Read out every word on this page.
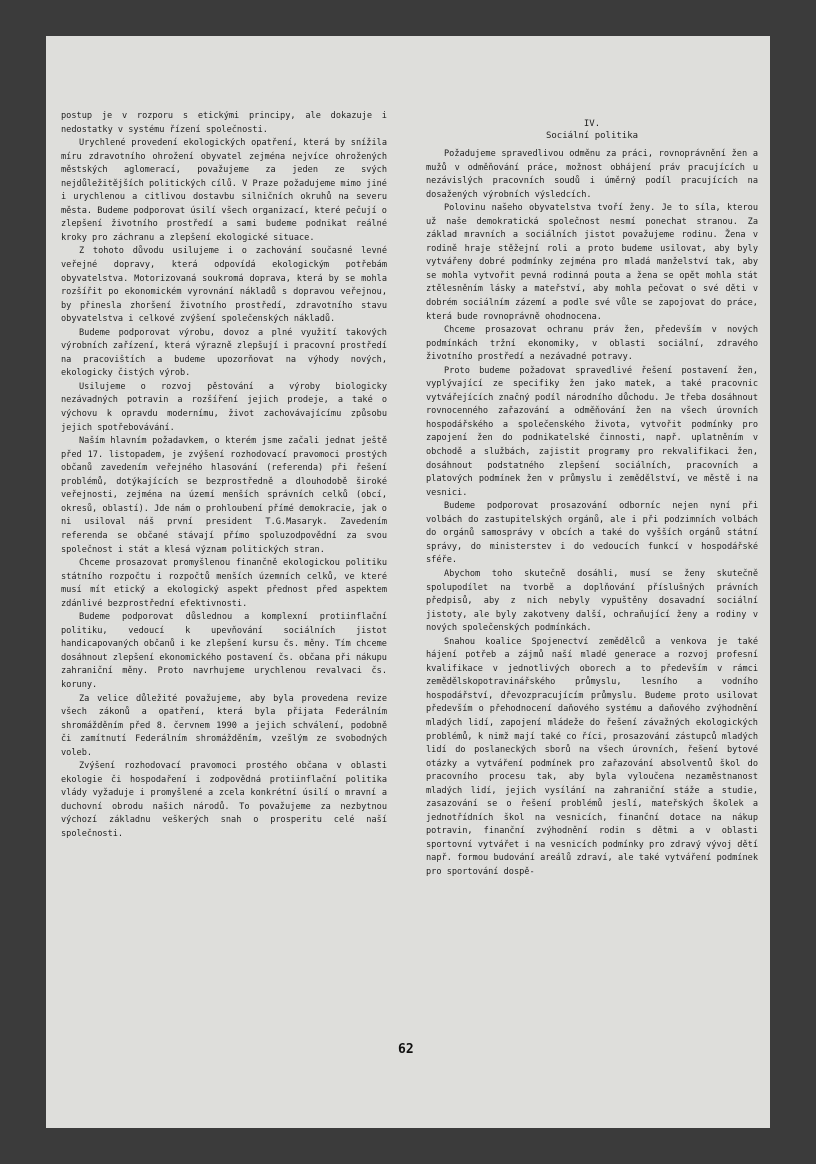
postup je v rozporu s etickými principy, ale dokazuje i nedostatky v systému řízení společnosti.

Urychlené provedení ekologických opatření, která by snížila míru zdravotního ohrožení obyvatel zejména nejvíce ohrožených městských aglomerací, považujeme za jeden ze svých nejdůležitějších politických cílů. V Praze požadujeme mimo jiné i urychlenou a citlivou dostavbu silničních okruhů na severu města. Budeme podporovat úsilí všech organizací, které pečují o zlepšení životního prostředí a sami budeme podnikat reálné kroky pro záchranu a zlepšení ekologické situace.

Z tohoto důvodu usilujeme i o zachování současné levné veřejné dopravy, která odpovídá ekologickým potřebám obyvatelstva. Motorizovaná soukromá doprava, která by se mohla rozšířit po ekonomickém vyrovnání nákladů s dopravou veřejnou, by přinesla zhoršení životního prostředí, zdravotního stavu obyvatelstva i celkové zvýšení společenských nákladů.

Budeme podporovat výrobu, dovoz a plné využití takových výrobních zařízení, která výrazně zlepšují i pracovní prostředí na pracovištích a budeme upozorňovat na výhody nových, ekologicky čistých výrob.

Usilujeme o rozvoj pěstování a výroby biologicky nezávadných potravin a rozšíření jejich prodeje, a také o výchovu k opravdu modernímu, život zachovávajícímu způsobu jejich spotřebovávání.

Naším hlavním požadavkem, o kterém jsme začali jednat ještě před 17. listopadem, je zvýšení rozhodovací pravomoci prostých občanů zavedením veřejného hlasování (referenda) při řešení problémů, dotýkajících se bezprostředně a dlouhodobě široké veřejnosti, zejména na území menších správních celků (obcí, okresů, oblastí). Jde nám o prohloubení přímé demokracie, jak o ni usiloval náš první president T.G.Masaryk. Zavedením referenda se občané stávají přímo spoluzodpovědní za svou společnost i stát a klesá význam politických stran.

Chceme prosazovat promyšlenou finančně ekologickou politiku státního rozpočtu i rozpočtů menších územních celků, ve které musí mít etický a ekologický aspekt přednost před aspektem zdánlivé bezprostřední efektivnosti.

Budeme podporovat důslednou a komplexní protiinflační politiku, vedoucí k upevňování sociálních jistot handicapovaných občanů i ke zlepšení kursu čs. měny. Tím chceme dosáhnout zlepšení ekonomického postavení čs. občana při nákupu zahraniční měny. Proto navrhujeme urychlenou revalvaci čs. koruny.

Za velice důležité považujeme, aby byla provedena revize všech zákonů a opatření, která byla přijata Federálním shromážděním před 8. červnem 1990 a jejich schválení, podobně či zamítnutí Federálním shromážděním, vzešlým ze svobodných voleb.

Zvýšení rozhodovací pravomoci prostého občana v oblasti ekologie či hospodaření i zodpovědná protiinflační politika vlády vyžaduje i promyšlené a zcela konkrétní úsilí o mravní a duchovní obrodu našich národů. To považujeme za nezbytnou výchozí základnu veškerých snah o prosperitu celé naší společnosti.

IV.
Sociální politika

Požadujeme spravedlivou odměnu za práci, rovnoprávnění žen a mužů v odměňování práce, možnost obhájení práv pracujících u nezávislých pracovních soudů i úměrný podíl pracujících na dosažených výrobních výsledcích.

Polovinu našeho obyvatelstva tvoří ženy. Je to síla, kterou už naše demokratická společnost nesmí ponechat stranou. Za základ mravních a sociálních jistot považujeme rodinu. Žena v rodině hraje stěžejní roli a proto budeme usilovat, aby byly vytvářeny dobré podmínky zejména pro mladá manželství tak, aby se mohla vytvořit pevná rodinná pouta a žena se opět mohla stát ztělesněním lásky a mateřství, aby mohla pečovat o své děti v dobrém sociálním zázemí a podle své vůle se zapojovat do práce, která bude rovnoprávně ohodnocena.

Chceme prosazovat ochranu práv žen, především v nových podmínkách tržní ekonomiky, v oblasti sociální, zdravého životního prostředí a nezávadné potravy.

Proto budeme požadovat spravedlivé řešení postavení žen, vyplývající ze specifiky žen jako matek, a také pracovnic vytvářejících značný podíl národního důchodu. Je třeba dosáhnout rovnocenného zařazování a odměňování žen na všech úrovních hospodářského a společenského života, vytvořit podmínky pro zapojení žen do podnikatelské činnosti, např. uplatněním v obchodě a službách, zajistit programy pro rekvalifikaci žen, dosáhnout podstatného zlepšení sociálních, pracovních a platových podmínek žen v průmyslu i zemědělství, ve městě i na vesnici.

Budeme podporovat prosazování odborníc nejen nyní při volbách do zastupitelských orgánů, ale i při podzimních volbách do orgánů samosprávy v obcích a také do vyšších orgánů státní správy, do ministerstev i do vedoucích funkcí v hospodářské sféře.

Abychom toho skutečně dosáhli, musí se ženy skutečně spolupodílet na tvorbě a doplňování příslušných právních předpisů, aby z nich nebyly vypuštěny dosavadní sociální jistoty, ale byly zakotveny další, ochraňující ženy a rodiny v nových společenských podmínkách.

Snahou koalice Spojenectví zemědělců a venkova je také hájení potřeb a zájmů naší mladé generace a rozvoj profesní kvalifikace v jednotlivých oborech a to především v rámci zemědělskopotravinářského průmyslu, lesního a vodního hospodářství, dřevozpracujícím průmyslu. Budeme proto usilovat především o přehodnocení daňového systému a daňového zvýhodnění mladých lidí, zapojení mládeže do řešení závažných ekologických problémů, k nimž mají také co říci, prosazování zástupců mladých lidí do poslaneckých sborů na všech úrovních, řešení bytové otázky a vytváření podmínek pro zařazování absolventů škol do pracovního procesu tak, aby byla vyloučena nezaměstnanost mladých lidí, jejich vysílání na zahraniční stáže a studie, zasazování se o řešení problémů jeslí, mateřských školek a jednotřídních škol na vesnicích, finanční dotace na nákup potravin, finanční zvýhodnění rodin s dětmi a v oblasti sportovní vytvářet i na vesnicích podmínky pro zdravý vývoj dětí např. formou budování areálů zdraví, ale také vytváření podmínek pro sportování dospě-

62
